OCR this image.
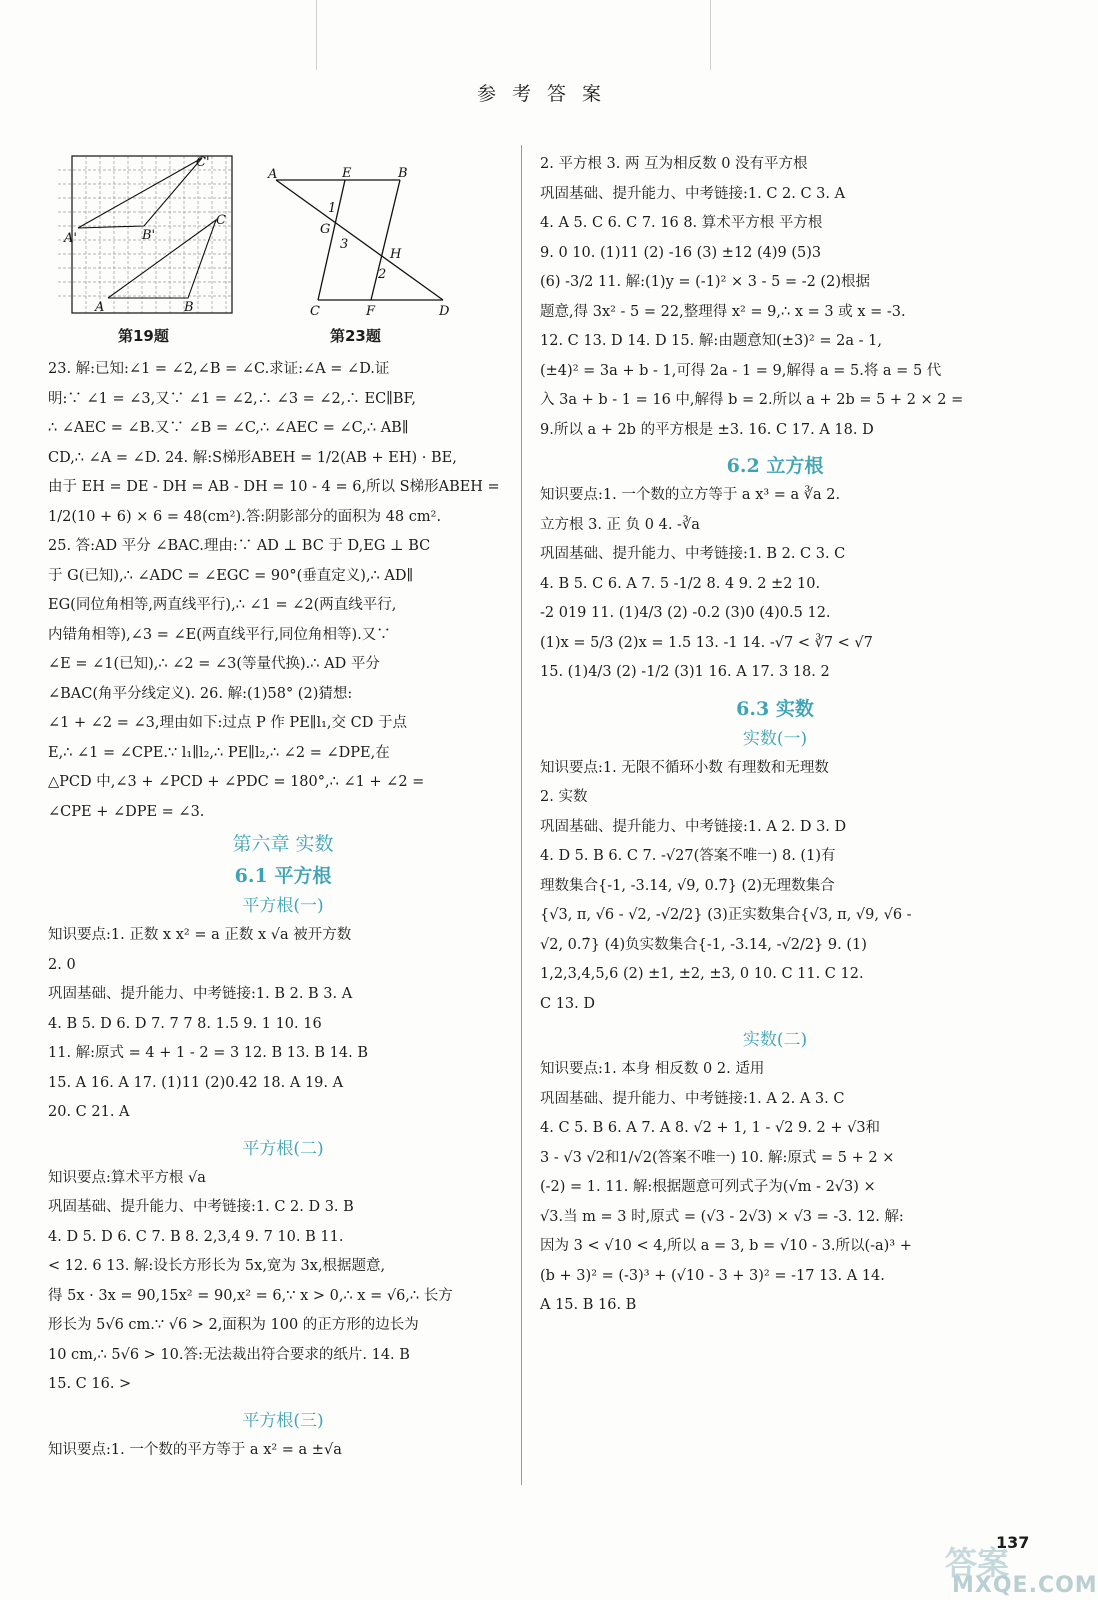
参 考 答 案
C'
A'	B'
C
A	B
A	E	B
1
G
3
H
2
C	F	D
第19题	第23题

23. 解:已知:∠1 = ∠2,∠B = ∠C.求证:∠A = ∠D.证

明:∵ ∠1 = ∠3,又∵ ∠1 = ∠2,∴ ∠3 = ∠2,∴ EC∥BF,

∴ ∠AEC = ∠B.又∵ ∠B = ∠C,∴ ∠AEC = ∠C,∴ AB∥

CD,∴ ∠A = ∠D. 24. 解:S梯形ABEH = 1/2(AB + EH) · BE,

由于 EH = DE - DH = AB - DH = 10 - 4 = 6,所以 S梯形ABEH =

1/2(10 + 6) × 6 = 48(cm²).答:阴影部分的面积为 48 cm².

25. 答:AD 平分 ∠BAC.理由:∵ AD ⊥ BC 于 D,EG ⊥ BC

于 G(已知),∴ ∠ADC = ∠EGC = 90°(垂直定义),∴ AD∥

EG(同位角相等,两直线平行),∴ ∠1 = ∠2(两直线平行,

内错角相等),∠3 = ∠E(两直线平行,同位角相等).又∵

∠E = ∠1(已知),∴ ∠2 = ∠3(等量代换).∴ AD 平分

∠BAC(角平分线定义). 26. 解:(1)58° (2)猜想:

∠1 + ∠2 = ∠3,理由如下:过点 P 作 PE∥l₁,交 CD 于点

E,∴ ∠1 = ∠CPE.∵ l₁∥l₂,∴ PE∥l₂,∴ ∠2 = ∠DPE,在

△PCD 中,∠3 + ∠PCD + ∠PDC = 180°,∴ ∠1 + ∠2 =

∠CPE + ∠DPE = ∠3.

第六章 实数

6.1 平方根

平方根(一)

知识要点:1. 正数 x x² = a 正数 x √a 被开方数

2. 0

巩固基础、提升能力、中考链接:1. B 2. B 3. A

4. B 5. D 6. D 7. 7 7 8. 1.5 9. 1 10. 16

11. 解:原式 = 4 + 1 - 2 = 3 12. B 13. B 14. B

15. A 16. A 17. (1)11 (2)0.42 18. A 19. A

20. C 21. A

平方根(二)

知识要点:算术平方根 √a

巩固基础、提升能力、中考链接:1. C 2. D 3. B

4. D 5. D 6. C 7. B 8. 2,3,4 9. 7 10. B 11.

< 12. 6 13. 解:设长方形长为 5x,宽为 3x,根据题意,

得 5x · 3x = 90,15x² = 90,x² = 6,∵ x > 0,∴ x = √6,∴ 长方

形长为 5√6 cm.∵ √6 > 2,面积为 100 的正方形的边长为

10 cm,∴ 5√6 > 10.答:无法裁出符合要求的纸片. 14. B

15. C 16. >

平方根(三)

知识要点:1. 一个数的平方等于 a x² = a ±√a

2. 平方根 3. 两 互为相反数 0 没有平方根

巩固基础、提升能力、中考链接:1. C 2. C 3. A

4. A 5. C 6. C 7. 16 8. 算术平方根 平方根

9. 0 10. (1)11 (2) -16 (3) ±12 (4)9 (5)3

(6) -3/2 11. 解:(1)y = (-1)² × 3 - 5 = -2 (2)根据

题意,得 3x² - 5 = 22,整理得 x² = 9,∴ x = 3 或 x = -3.

12. C 13. D 14. D 15. 解:由题意知(±3)² = 2a - 1,

(±4)² = 3a + b - 1,可得 2a - 1 = 9,解得 a = 5.将 a = 5 代

入 3a + b - 1 = 16 中,解得 b = 2.所以 a + 2b = 5 + 2 × 2 =

9.所以 a + 2b 的平方根是 ±3. 16. C 17. A 18. D

6.2 立方根

知识要点:1. 一个数的立方等于 a x³ = a ∛a 2.

立方根 3. 正 负 0 4. -∛a

巩固基础、提升能力、中考链接:1. B 2. C 3. C

4. B 5. C 6. A 7. 5 -1/2 8. 4 9. 2 ±2 10.

-2 019 11. (1)4/3 (2) -0.2 (3)0 (4)0.5 12.

(1)x = 5/3 (2)x = 1.5 13. -1 14. -√7 < ∛7 < √7

15. (1)4/3 (2) -1/2 (3)1 16. A 17. 3 18. 2

6.3 实数

实数(一)

知识要点:1. 无限不循环小数 有理数和无理数

2. 实数

巩固基础、提升能力、中考链接:1. A 2. D 3. D

4. D 5. B 6. C 7. -√27(答案不唯一) 8. (1)有

理数集合{-1, -3.14, √9, 0.7̇} (2)无理数集合

{√3, π, √6 - √2, -√2/2} (3)正实数集合{√3, π, √9, √6 -

√2, 0.7̇} (4)负实数集合{-1, -3.14, -√2/2} 9. (1)

1,2,3,4,5,6 (2) ±1, ±2, ±3, 0 10. C 11. C 12.

C 13. D

实数(二)

知识要点:1. 本身 相反数 0 2. 适用

巩固基础、提升能力、中考链接:1. A 2. A 3. C

4. C 5. B 6. A 7. A 8. √2 + 1, 1 - √2 9. 2 + √3和

3 - √3 √2和1/√2(答案不唯一) 10. 解:原式 = 5 + 2 ×

(-2) = 1. 11. 解:根据题意可列式子为(√m - 2√3) ×

√3.当 m = 3 时,原式 = (√3 - 2√3) × √3 = -3. 12. 解:

因为 3 < √10 < 4,所以 a = 3, b = √10 - 3.所以(-a)³ +

(b + 3)² = (-3)³ + (√10 - 3 + 3)² = -17 13. A 14.

A 15. B 16. B

答案
MXQE.COM
137
